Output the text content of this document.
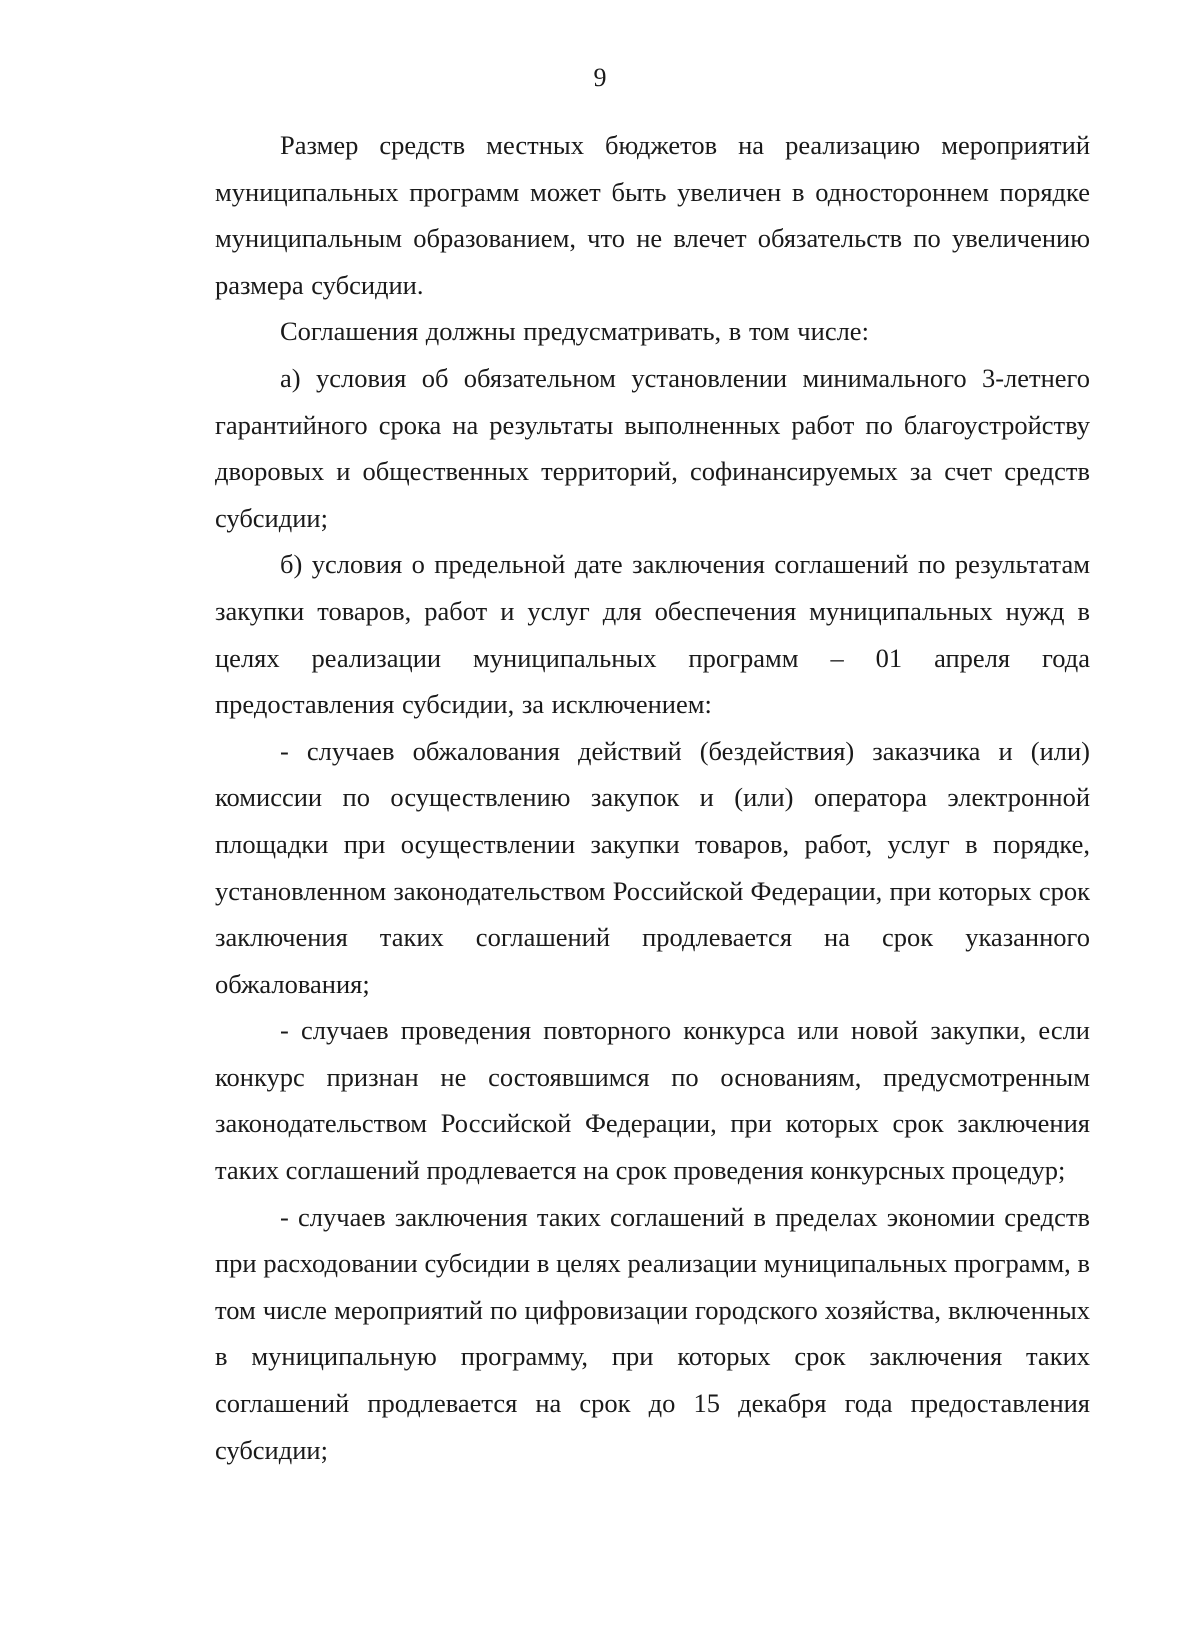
9

Размер средств местных бюджетов на реализацию мероприятий муниципальных программ может быть увеличен в одностороннем порядке муниципальным образованием, что не влечет обязательств по увеличению размера субсидии.

Соглашения должны предусматривать, в том числе:

а) условия об обязательном установлении минимального 3-летнего гарантийного срока на результаты выполненных работ по благоустройству дворовых и общественных территорий, софинансируемых за счет средств субсидии;

б) условия о предельной дате заключения соглашений по результатам закупки товаров, работ и услуг для обеспечения муниципальных нужд в целях реализации муниципальных программ – 01 апреля года предоставления субсидии, за исключением:

- случаев обжалования действий (бездействия) заказчика и (или) комиссии по осуществлению закупок и (или) оператора электронной площадки при осуществлении закупки товаров, работ, услуг в порядке, установленном законодательством Российской Федерации, при которых срок заключения таких соглашений продлевается на срок указанного обжалования;

- случаев проведения повторного конкурса или новой закупки, если конкурс признан не состоявшимся по основаниям, предусмотренным законодательством Российской Федерации, при которых срок заключения таких соглашений продлевается на срок проведения конкурсных процедур;

- случаев заключения таких соглашений в пределах экономии средств при расходовании субсидии в целях реализации муниципальных программ, в том числе мероприятий по цифровизации городского хозяйства, включенных в муниципальную программу, при которых срок заключения таких соглашений продлевается на срок до 15 декабря года предоставления субсидии;
